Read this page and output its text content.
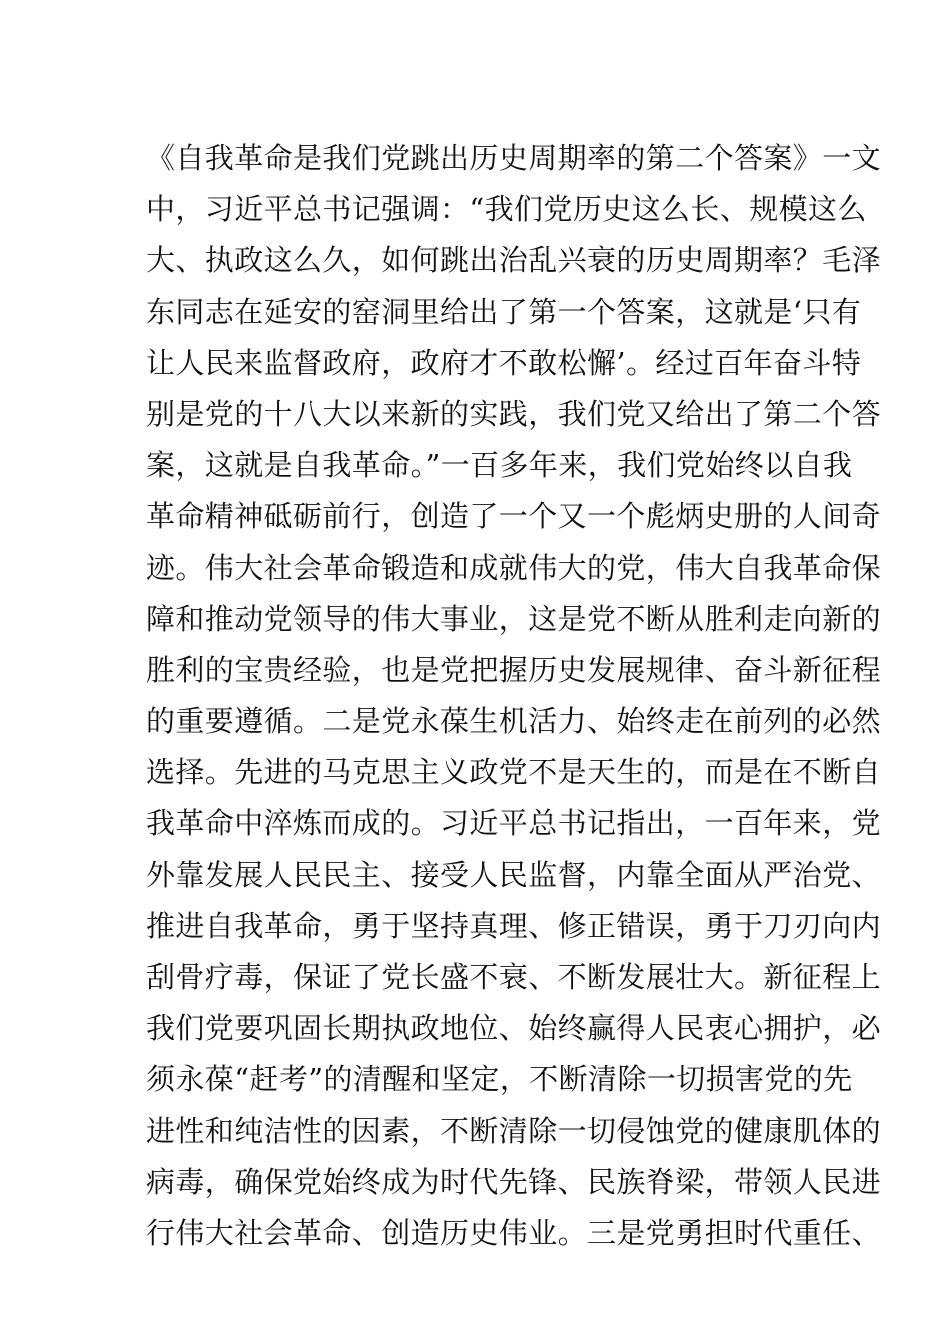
《自我革命是我们党跳出历史周期率的第二个答案》一文
中，习近平总书记强调：“我们党历史这么长、规模这么
大、执政这么久，如何跳出治乱兴衰的历史周期率？毛泽
东同志在延安的窑洞里给出了第一个答案，这就是‘只有
让人民来监督政府，政府才不敢松懈’。经过百年奋斗特
别是党的十八大以来新的实践，我们党又给出了第二个答
案，这就是自我革命。”一百多年来，我们党始终以自我
革命精神砥砺前行，创造了一个又一个彪炳史册的人间奇
迹。伟大社会革命锻造和成就伟大的党，伟大自我革命保
障和推动党领导的伟大事业，这是党不断从胜利走向新的
胜利的宝贵经验，也是党把握历史发展规律、奋斗新征程
的重要遵循。二是党永葆生机活力、始终走在前列的必然
选择。先进的马克思主义政党不是天生的，而是在不断自
我革命中淬炼而成的。习近平总书记指出，一百年来，党
外靠发展人民民主、接受人民监督，内靠全面从严治党、
推进自我革命，勇于坚持真理、修正错误，勇于刀刃向内
刮骨疗毒，保证了党长盛不衰、不断发展壮大。新征程上
我们党要巩固长期执政地位、始终赢得人民衷心拥护，必
须永葆“赶考”的清醒和坚定，不断清除一切损害党的先
进性和纯洁性的因素，不断清除一切侵蚀党的健康肌体的
病毒，确保党始终成为时代先锋、民族脊梁，带领人民进
行伟大社会革命、创造历史伟业。三是党勇担时代重任、
